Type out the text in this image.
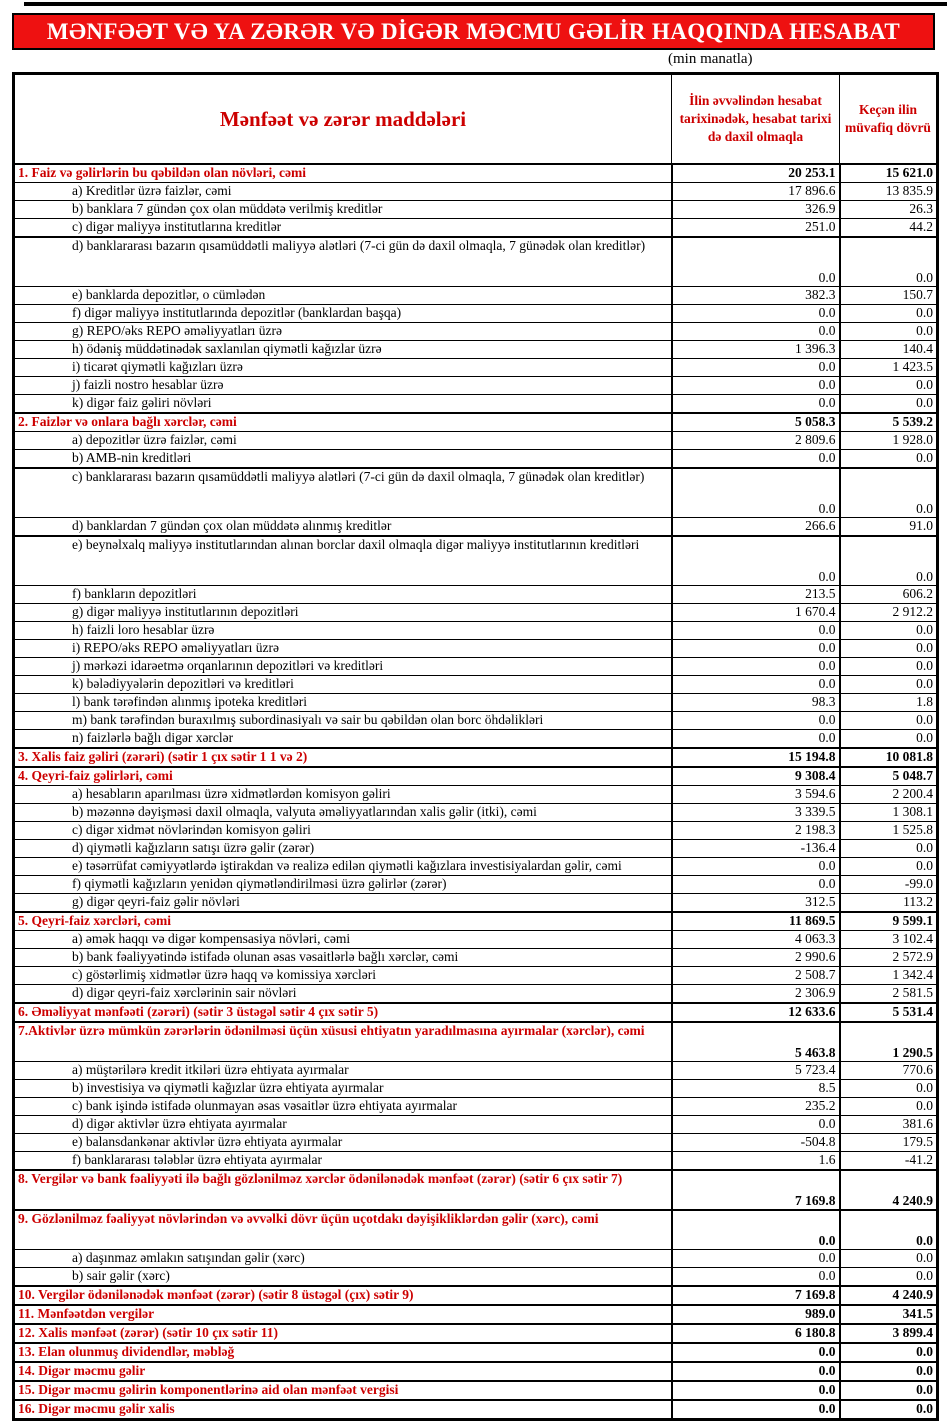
MƏNFƏƏT VƏ YA ZƏRƏR VƏ DİGƏR MƏCMU GƏLİR HAQQINDA HESABAT
(min manatla)
Mənfəət və zərər maddələri	İlin əvvəlindən hesabat tarixinədək, hesabat tarixi də daxil olmaqla	Keçən ilin müvafiq dövrü
1. Faiz və gəlirlərin bu qəbildən olan növləri, cəmi	20 253.1	15 621.0
a) Kreditlər üzrə faizlər, cəmi	17 896.6	13 835.9
b) banklara 7 gündən çox olan müddətə verilmiş kreditlər	326.9	26.3
c) digər maliyyə institutlarına kreditlər	251.0	44.2
d) banklararası bazarın qısamüddətli maliyyə alətləri (7-ci gün də daxil olmaqla, 7 günədək olan kreditlər)	0.0	0.0
e) banklarda depozitlər, o cümlədən	382.3	150.7
f) digər maliyyə institutlarında depozitlər (banklardan başqa)	0.0	0.0
g) REPO/əks REPO əməliyyatları üzrə	0.0	0.0
h) ödəniş müddətinədək saxlanılan qiymətli kağızlar üzrə	1 396.3	140.4
i) ticarət qiymətli kağızları üzrə	0.0	1 423.5
j) faizli nostro hesablar üzrə	0.0	0.0
k) digər faiz gəliri növləri	0.0	0.0
2. Faizlər və onlara bağlı xərclər, cəmi	5 058.3	5 539.2
a) depozitlər üzrə faizlər, cəmi	2 809.6	1 928.0
b) AMB-nin kreditləri	0.0	0.0
c) banklararası bazarın qısamüddətli maliyyə alətləri (7-ci gün də daxil olmaqla, 7 günədək olan kreditlər)	0.0	0.0
d) banklardan 7 gündən çox olan müddətə alınmış kreditlər	266.6	91.0
e) beynəlxalq maliyyə institutlarından alınan borclar daxil olmaqla digər maliyyə institutlarının kreditləri	0.0	0.0
f) bankların depozitləri	213.5	606.2
g) digər maliyyə institutlarının depozitləri	1 670.4	2 912.2
h) faizli loro hesablar üzrə	0.0	0.0
i) REPO/əks REPO əməliyyatları üzrə	0.0	0.0
j) mərkəzi idarəetmə orqanlarının depozitləri və kreditləri	0.0	0.0
k) bələdiyyələrin depozitləri və kreditləri	0.0	0.0
l) bank tərəfindən alınmış ipoteka kreditləri	98.3	1.8
m) bank tərəfindən buraxılmış subordinasiyalı və sair bu qəbildən olan borc öhdəlikləri	0.0	0.0
n) faizlərlə bağlı digər xərclər	0.0	0.0
3. Xalis faiz gəliri (zərəri) (sətir 1 çıx sətir 1 1 və 2)	15 194.8	10 081.8
4. Qeyri-faiz gəlirləri, cəmi	9 308.4	5 048.7
a) hesabların aparılması üzrə xidmətlərdən komisyon gəliri	3 594.6	2 200.4
b) məzənnə dəyişməsi daxil olmaqla, valyuta əməliyyatlarından xalis gəlir (itki), cəmi	3 339.5	1 308.1
c) digər xidmət növlərindən komisyon gəliri	2 198.3	1 525.8
d) qiymətli kağızların satışı üzrə gəlir (zərər)	-136.4	0.0
e) təsərrüfat cəmiyyətlərdə iştirakdan və realizə edilən qiymətli kağızlara investisiyalardan gəlir, cəmi	0.0	0.0
f) qiymətli kağızların yenidən qiymətləndirilməsi üzrə gəlirlər (zərər)	0.0	-99.0
g) digər qeyri-faiz gəlir növləri	312.5	113.2
5. Qeyri-faiz xərcləri, cəmi	11 869.5	9 599.1
a) əmək haqqı və digər kompensasiya növləri, cəmi	4 063.3	3 102.4
b) bank fəaliyyətində istifadə olunan əsas vəsaitlərlə bağlı xərclər, cəmi	2 990.6	2 572.9
c) göstərlimiş xidmətlər üzrə haqq və komissiya xərcləri	2 508.7	1 342.4
d) digər qeyri-faiz xərclərinin sair növləri	2 306.9	2 581.5
6. Əməliyyat mənfəəti (zərəri) (sətir 3 üstəgəl sətir 4 çıx sətir 5)	12 633.6	5 531.4
7.Aktivlər üzrə mümkün zərərlərin ödənilməsi üçün xüsusi ehtiyatın yaradılmasına ayırmalar (xərclər), cəmi	5 463.8	1 290.5
a) müştərilərə kredit itkiləri üzrə ehtiyata ayırmalar	5 723.4	770.6
b) investisiya və qiymətli kağızlar üzrə ehtiyata ayırmalar	8.5	0.0
c) bank işində istifadə olunmayan əsas vəsaitlər üzrə ehtiyata ayırmalar	235.2	0.0
d) digər aktivlər üzrə ehtiyata ayırmalar	0.0	381.6
e) balansdankənar aktivlər üzrə ehtiyata ayırmalar	-504.8	179.5
f) banklararası tələblər üzrə ehtiyata ayırmalar	1.6	-41.2
8. Vergilər və bank fəaliyyəti ilə bağlı gözlənilməz xərclər ödənilənədək mənfəət (zərər) (sətir 6 çıx sətir 7)	7 169.8	4 240.9
9. Gözlənilməz fəaliyyət növlərindən və əvvəlki dövr üçün uçotdakı dəyişikliklərdən gəlir (xərc), cəmi	0.0	0.0
a) daşınmaz əmlakın satışından gəlir (xərc)	0.0	0.0
b) sair gəlir (xərc)	0.0	0.0
10. Vergilər ödənilənədək mənfəət (zərər) (sətir 8 üstəgəl (çıx) sətir 9)	7 169.8	4 240.9
11. Mənfəətdən vergilər	989.0	341.5
12. Xalis mənfəət (zərər) (sətir 10 çıx sətir 11)	6 180.8	3 899.4
13. Elan olunmuş dividendlər, məbləğ	0.0	0.0
14. Digər məcmu gəlir	0.0	0.0
15. Digər məcmu gəlirin komponentlərinə aid olan mənfəət vergisi	0.0	0.0
16. Digər məcmu gəlir xalis	0.0	0.0
